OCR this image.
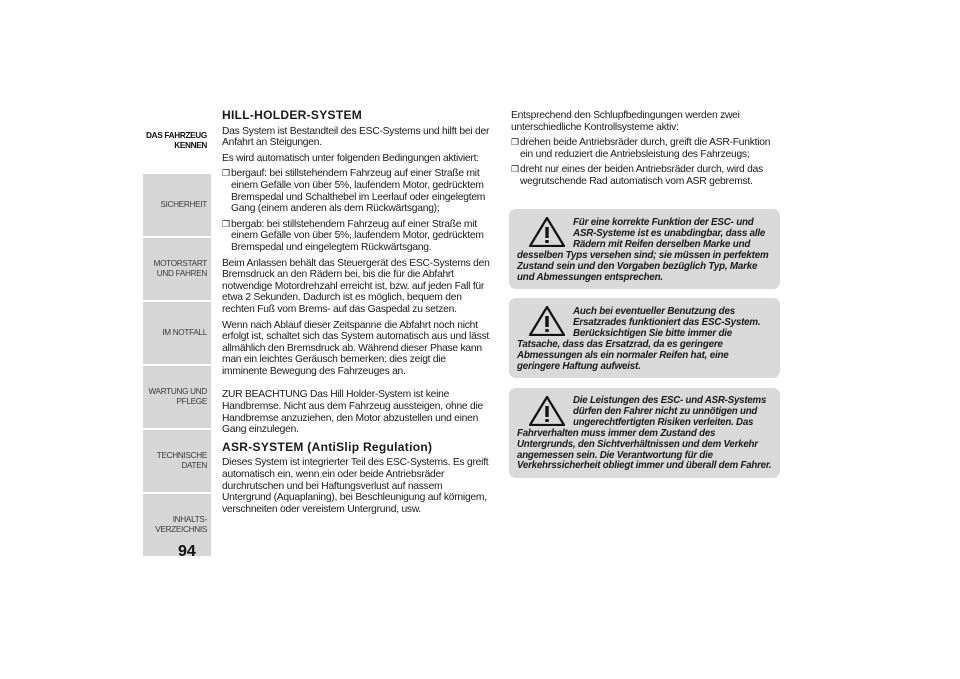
DAS FAHRZEUG KENNEN
SICHERHEIT
MOTORSTART UND FAHREN
IM NOTFALL
WARTUNG UND PFLEGE
TECHNISCHE DATEN
INHALTS-VERZEICHNIS
94
HILL-HOLDER-SYSTEM

Das System ist Bestandteil des ESC-Systems und hilft bei der Anfahrt an Steigungen.

Es wird automatisch unter folgenden Bedingungen aktiviert:

❒ bergauf: bei stillstehendem Fahrzeug auf einer Straße mit einem Gefälle von über 5%, laufendem Motor, gedrücktem Bremspedal und Schalthebel im Leerlauf oder eingelegtem Gang (einem anderen als dem Rückwärtsgang);
❒ bergab: bei stillstehendem Fahrzeug auf einer Straße mit einem Gefälle von über 5%, laufendem Motor, gedrücktem Bremspedal und eingelegtem Rückwärtsgang.

Beim Anlassen behält das Steuergerät des ESC-Systems den Bremsdruck an den Rädern bei, bis die für die Abfahrt notwendige Motordrehzahl erreicht ist, bzw. auf jeden Fall für etwa 2 Sekunden. Dadurch ist es möglich, bequem den rechten Fuß vom Brems- auf das Gaspedal zu setzen.

Wenn nach Ablauf dieser Zeitspanne die Abfahrt noch nicht erfolgt ist, schaltet sich das System automatisch aus und lässt allmählich den Bremsdruck ab. Während dieser Phase kann man ein leichtes Geräusch bemerken: dies zeigt die imminente Bewegung des Fahrzeuges an.

ZUR BEACHTUNG Das Hill Holder-System ist keine Handbremse. Nicht aus dem Fahrzeug aussteigen, ohne die Handbremse anzuziehen, den Motor abzustellen und einen Gang einzulegen.

ASR-SYSTEM (AntiSlip Regulation)

Dieses System ist integrierter Teil des ESC-Systems. Es greift automatisch ein, wenn ein oder beide Antriebsräder durchrutschen und bei Haftungsverlust auf nassem Untergrund (Aquaplaning), bei Beschleunigung auf körnigem, verschneiten oder vereistem Untergrund, usw.

Entsprechend den Schlupfbedingungen werden zwei unterschiedliche Kontrollsysteme aktiv:

❒ drehen beide Antriebsräder durch, greift die ASR-Funktion ein und reduziert die Antriebsleistung des Fahrzeugs;
❒ dreht nur eines der beiden Antriebsräder durch, wird das wegrutschende Rad automatisch vom ASR gebremst.
Für eine korrekte Funktion der ESC- und ASR-Systeme ist es unabdingbar, dass alle Rädern mit Reifen derselben Marke und desselben Typs versehen sind; sie müssen in perfektem Zustand sein und den Vorgaben bezüglich Typ, Marke und Abmessungen entsprechen.
Auch bei eventueller Benutzung des Ersatzrades funktioniert das ESC-System. Berücksichtigen Sie bitte immer die Tatsache, dass das Ersatzrad, da es geringere Abmessungen als ein normaler Reifen hat, eine geringere Haftung aufweist.
Die Leistungen des ESC- und ASR-Systems dürfen den Fahrer nicht zu unnötigen und ungerechtfertigten Risiken verleiten. Das Fahrverhalten muss immer dem Zustand des Untergrunds, den Sichtverhältnissen und dem Verkehr angemessen sein. Die Verantwortung für die Verkehrssicherheit obliegt immer und überall dem Fahrer.
